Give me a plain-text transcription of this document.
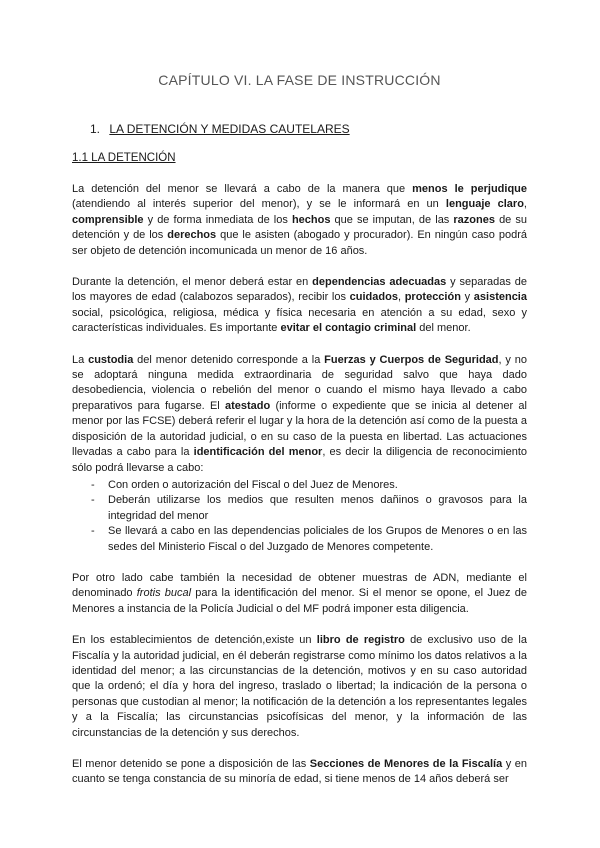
CAPÍTULO VI. LA FASE DE INSTRUCCIÓN
1. LA DETENCIÓN Y MEDIDAS CAUTELARES
1.1 LA DETENCIÓN

La detención del menor se llevará a cabo de la manera que menos le perjudique (atendiendo al interés superior del menor), y se le informará en un lenguaje claro, comprensible y de forma inmediata de los hechos que se imputan, de las razones de su detención y de los derechos que le asisten (abogado y procurador). En ningún caso podrá ser objeto de detención incomunicada un menor de 16 años.

Durante la detención, el menor deberá estar en dependencias adecuadas y separadas de los mayores de edad (calabozos separados), recibir los cuidados, protección y asistencia social, psicológica, religiosa, médica y física necesaria en atención a su edad, sexo y características individuales. Es importante evitar el contagio criminal del menor.

La custodia del menor detenido corresponde a la Fuerzas y Cuerpos de Seguridad, y no se adoptará ninguna medida extraordinaria de seguridad salvo que haya dado desobediencia, violencia o rebelión del menor o cuando el mismo haya llevado a cabo preparativos para fugarse. El atestado (informe o expediente que se inicia al detener al menor por las FCSE) deberá referir el lugar y la hora de la detención así como de la puesta a disposición de la autoridad judicial, o en su caso de la puesta en libertad. Las actuaciones llevadas a cabo para la identificación del menor, es decir la diligencia de reconocimiento sólo podrá llevarse a cabo:

- Con orden o autorización del Fiscal o del Juez de Menores.
- Deberán utilizarse los medios que resulten menos dañinos o gravosos para la integridad del menor
- Se llevará a cabo en las dependencias policiales de los Grupos de Menores o en las sedes del Ministerio Fiscal o del Juzgado de Menores competente.

Por otro lado cabe también la necesidad de obtener muestras de ADN, mediante el denominado frotis bucal para la identificación del menor. Si el menor se opone, el Juez de Menores a instancia de la Policía Judicial o del MF podrá imponer esta diligencia.

En los establecimientos de detención,existe un libro de registro de exclusivo uso de la Fiscalía y la autoridad judicial, en él deberán registrarse como mínimo los datos relativos a la identidad del menor; a las circunstancias de la detención, motivos y en su caso autoridad que la ordenó; el día y hora del ingreso, traslado o libertad; la indicación de la persona o personas que custodian al menor; la notificación de la detención a los representantes legales y a la Fiscalía; las circunstancias psicofísicas del menor, y la información de las circunstancias de la detención y sus derechos.

El menor detenido se pone a disposición de las Secciones de Menores de la Fiscalía y en cuanto se tenga constancia de su minoría de edad, si tiene menos de 14 años deberá ser
